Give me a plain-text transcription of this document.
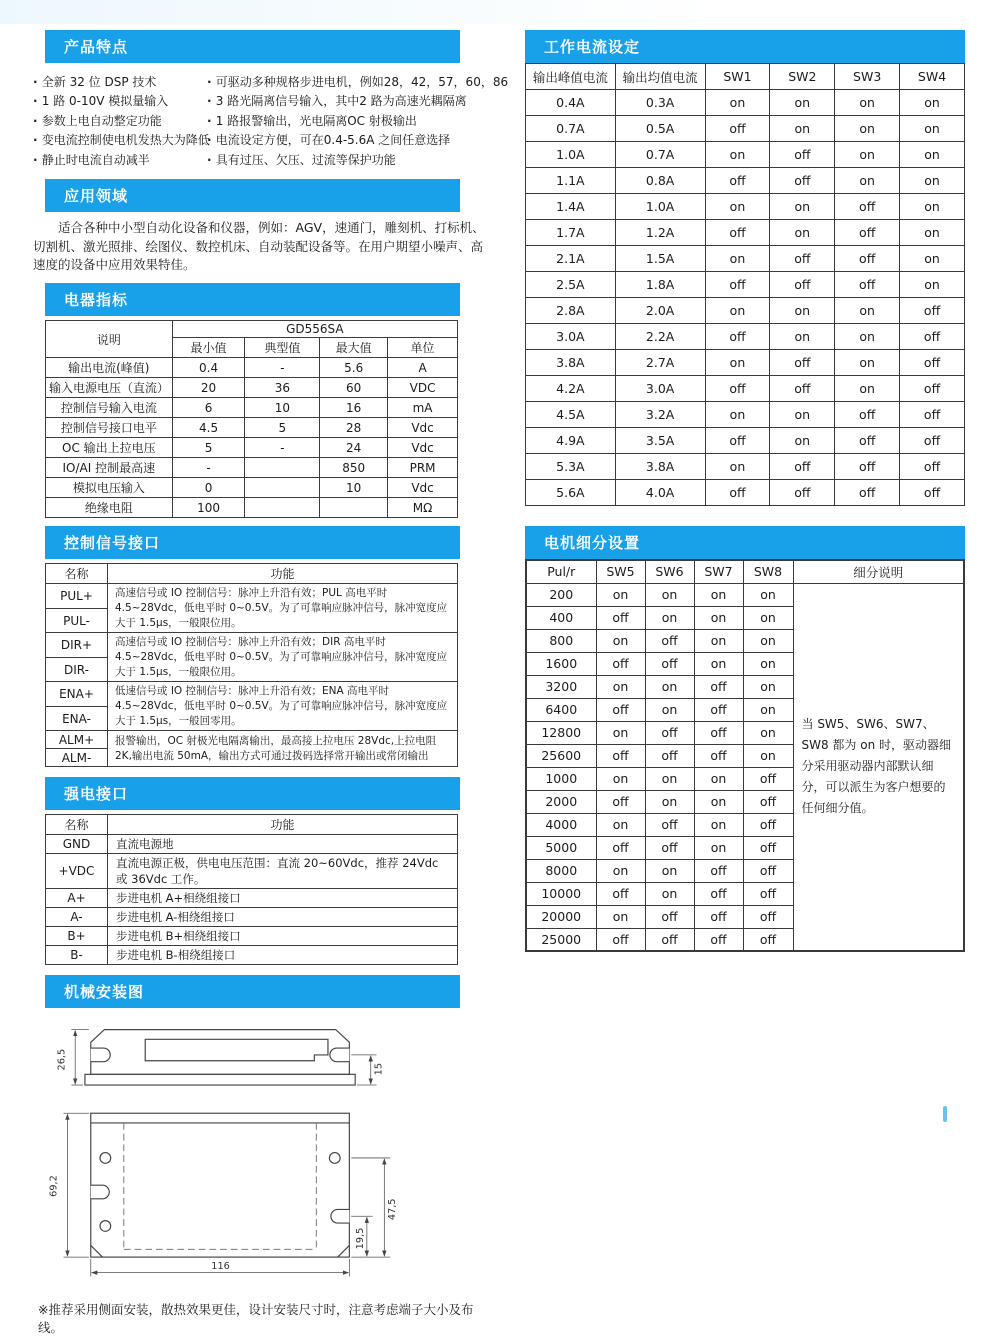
产品特点
· 全新 32 位 DSP 技术
· 1 路 0-10V 模拟量输入
· 参数上电自动整定功能
· 变电流控制使电机发热大为降低
· 静止时电流自动减半
· 可驱动多种规格步进电机，例如28，42，57，60，86
· 3 路光隔离信号输入，其中2 路为高速光耦隔离
· 1 路报警输出，光电隔离OC 射极输出
· 电流设定方便，可在0.4-5.6A 之间任意选择
· 具有过压、欠压、过流等保护功能
应用领域

适合各种中小型自动化设备和仪器，例如：AGV，速通门，雕刻机、打标机、切割机、激光照排、绘图仪、数控机床、自动装配设备等。在用户期望小噪声、高速度的设备中应用效果特佳。

电器指标
说明	GD556SA			
	最小值	典型值	最大值	单位
输出电流(峰值)	0.4	-	5.6	A
输入电源电压（直流）	20	36	60	VDC
控制信号输入电流	6	10	16	mA
控制信号接口电平	4.5	5	28	Vdc
OC 输出上拉电压	5	-	24	Vdc
IO/AI 控制最高速	-		850	PRM
模拟电压输入	0		10	Vdc
绝缘电阻	100			MΩ
控制信号接口
名称	功能
PUL+	高速信号或 IO 控制信号：脉冲上升沿有效；PUL 高电平时 4.5~28Vdc，低电平时 0~0.5V。为了可靠响应脉冲信号，脉冲宽度应大于 1.5μs，一般限位用。
PUL-	
DIR+	高速信号或 IO 控制信号：脉冲上升沿有效；DIR 高电平时 4.5~28Vdc，低电平时 0~0.5V。为了可靠响应脉冲信号，脉冲宽度应大于 1.5μs，一般限位用。
DIR-	
ENA+	低速信号或 IO 控制信号：脉冲上升沿有效；ENA 高电平时 4.5~28Vdc，低电平时 0~0.5V。为了可靠响应脉冲信号，脉冲宽度应大于 1.5μs，一般回零用。
ENA-	
ALM+	报警输出，OC 射极光电隔离输出，最高接上拉电压 28Vdc,上拉电阻 2K,输出电流 50mA，输出方式可通过拨码选择常开输出或常闭输出
ALM-	
强电接口
名称	功能
GND	直流电源地
+VDC	直流电源正极，供电电压范围：直流 20~60Vdc，推荐 24Vdc 或 36Vdc 工作。
A+	步进电机 A+相绕组接口
A-	步进电机 A-相绕组接口
B+	步进电机 B+相绕组接口
B-	步进电机 B-相绕组接口
机械安装图
26,5	15
69,2
47,5
19,5
116

※推荐采用侧面安装，散热效果更佳，设计安装尺寸时，注意考虑端子大小及布线。

工作电流设定
输出峰值电流	输出均值电流	SW1	SW2	SW3	SW4
0.4A	0.3A	on	on	on	on
0.7A	0.5A	off	on	on	on
1.0A	0.7A	on	off	on	on
1.1A	0.8A	off	off	on	on
1.4A	1.0A	on	on	off	on
1.7A	1.2A	off	on	off	on
2.1A	1.5A	on	off	off	on
2.5A	1.8A	off	off	off	on
2.8A	2.0A	on	on	on	off
3.0A	2.2A	off	on	on	off
3.8A	2.7A	on	off	on	off
4.2A	3.0A	off	off	on	off
4.5A	3.2A	on	on	off	off
4.9A	3.5A	off	on	off	off
5.3A	3.8A	on	off	off	off
5.6A	4.0A	off	off	off	off
电机细分设置
Pul/r	SW5	SW6	SW7	SW8	细分说明
200	on	on	on	on	当 SW5、SW6、SW7、SW8 都为 on 时，驱动器细分采用驱动器内部默认细分，可以派生为客户想要的任何细分值。
400	off	on	on	on	
800	on	off	on	on	
1600	off	off	on	on	
3200	on	on	off	on	
6400	off	on	off	on	
12800	on	off	off	on	
25600	off	off	off	on	
1000	on	on	on	off	
2000	off	on	on	off	
4000	on	off	on	off	
5000	off	off	on	off	
8000	on	on	off	off	
10000	off	on	off	off	
20000	on	off	off	off	
25000	off	off	off	off	
